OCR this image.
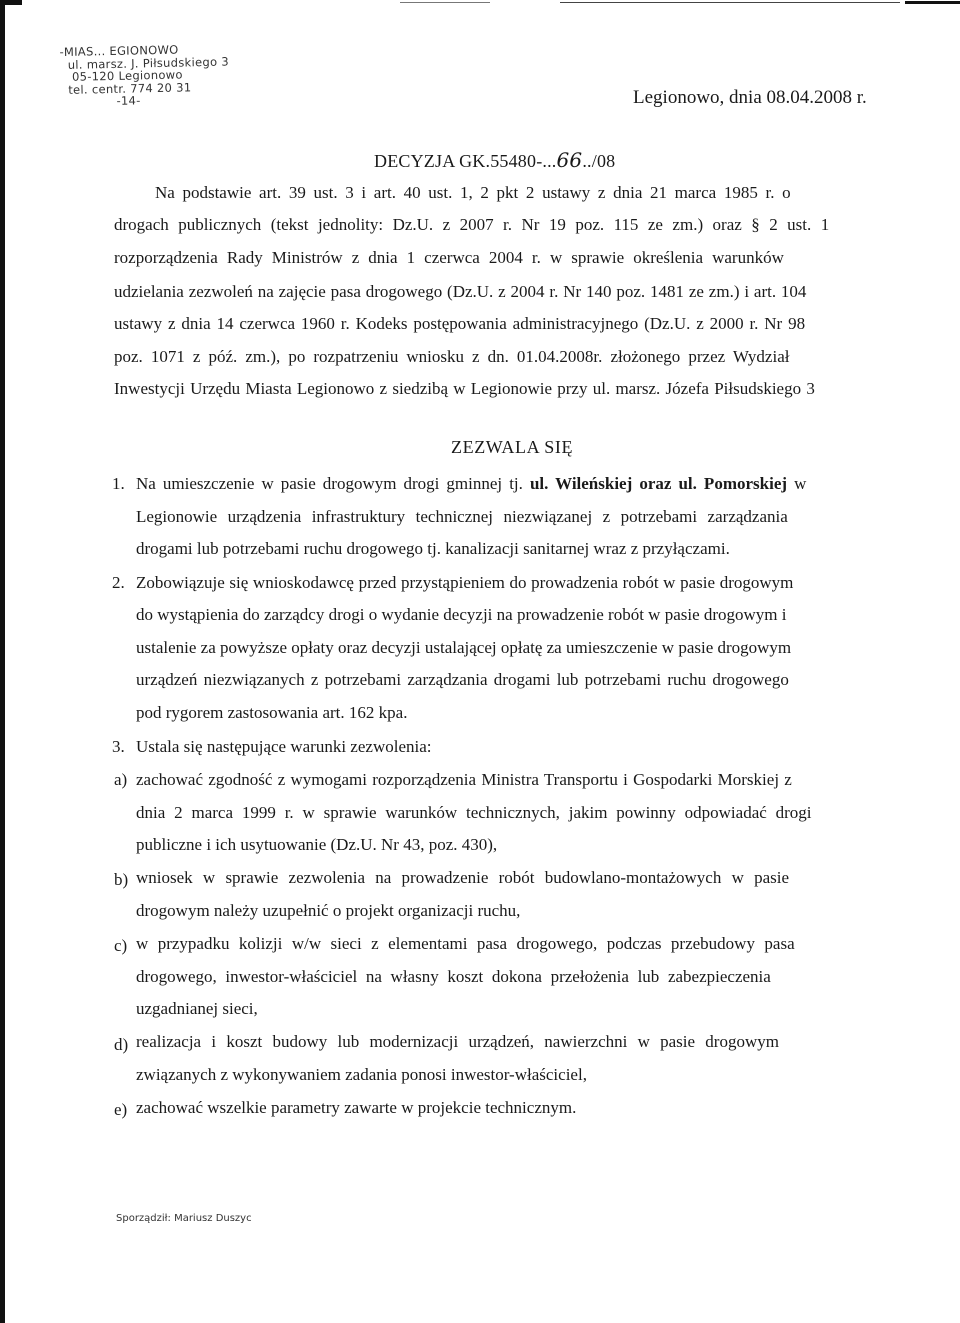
-MIAS... EGIONOWO
ul. marsz. J. Piłsudskiego 3
05-120 Legionowo
tel. centr. 774 20 31
-14-	Legionowo, dnia 08.04.2008 r.
DECYZJA GK.55480-...66../08
Na podstawie art. 39 ust. 3 i art. 40 ust. 1, 2 pkt 2 ustawy z dnia 21 marca 1985 r. o
drogach publicznych (tekst jednolity: Dz.U. z 2007 r. Nr 19 poz. 115 ze zm.) oraz § 2 ust. 1
rozporządzenia Rady Ministrów z dnia 1 czerwca 2004 r. w sprawie określenia warunków
udzielania zezwoleń na zajęcie pasa drogowego (Dz.U. z 2004 r. Nr 140 poz. 1481 ze zm.) i art. 104
ustawy z dnia 14 czerwca 1960 r. Kodeks postępowania administracyjnego (Dz.U. z 2000 r. Nr 98
poz. 1071 z póź. zm.), po rozpatrzeniu wniosku z dn. 01.04.2008r. złożonego przez Wydział
Inwestycji Urzędu Miasta Legionowo z siedzibą w Legionowie przy ul. marsz. Józefa Piłsudskiego 3
ZEZWALA SIĘ
1. Na umieszczenie w pasie drogowym drogi gminnej tj. ul. Wileńskiej oraz ul. Pomorskiej w
Legionowie urządzenia infrastruktury technicznej niezwiązanej z potrzebami zarządzania
drogami lub potrzebami ruchu drogowego tj. kanalizacji sanitarnej wraz z przyłączami.
2. Zobowiązuje się wnioskodawcę przed przystąpieniem do prowadzenia robót w pasie drogowym
do wystąpienia do zarządcy drogi o wydanie decyzji na prowadzenie robót w pasie drogowym i
ustalenie za powyższe opłaty oraz decyzji ustalającej opłatę za umieszczenie w pasie drogowym
urządzeń niezwiązanych z potrzebami zarządzania drogami lub potrzebami ruchu drogowego
pod rygorem zastosowania art. 162 kpa.
3. Ustala się następujące warunki zezwolenia:
a) zachować zgodność z wymogami rozporządzenia Ministra Transportu i Gospodarki Morskiej z
dnia 2 marca 1999 r. w sprawie warunków technicznych, jakim powinny odpowiadać drogi
publiczne i ich usytuowanie (Dz.U. Nr 43, poz. 430),
b) wniosek w sprawie zezwolenia na prowadzenie robót budowlano-montażowych w pasie
drogowym należy uzupełnić o projekt organizacji ruchu,
c) w przypadku kolizji w/w sieci z elementami pasa drogowego, podczas przebudowy pasa
drogowego, inwestor-właściciel na własny koszt dokona przełożenia lub zabezpieczenia
uzgadnianej sieci,
d) realizacja i koszt budowy lub modernizacji urządzeń, nawierzchni w pasie drogowym
związanych z wykonywaniem zadania ponosi inwestor-właściciel,
e) zachować wszelkie parametry zawarte w projekcie technicznym.
Sporządził: Mariusz Duszyc
